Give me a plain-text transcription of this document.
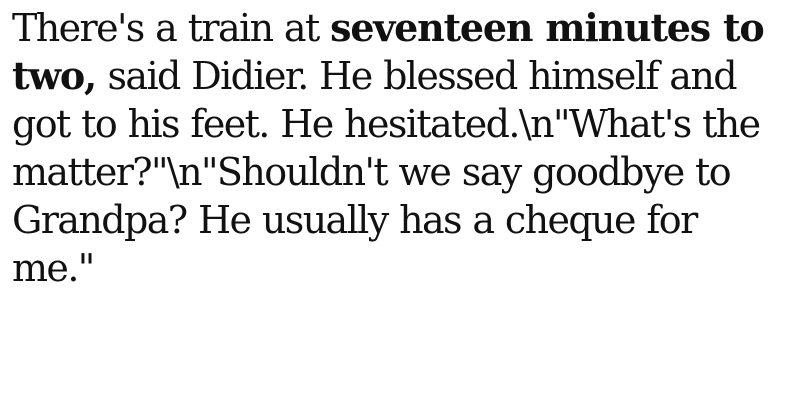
There's a train at seventeen minutes to two, said Didier. He blessed himself and got to his feet. He hesitated.\n"What's the matter?"\n"Shouldn't we say goodbye to Grandpa? He usually has a cheque for me."
